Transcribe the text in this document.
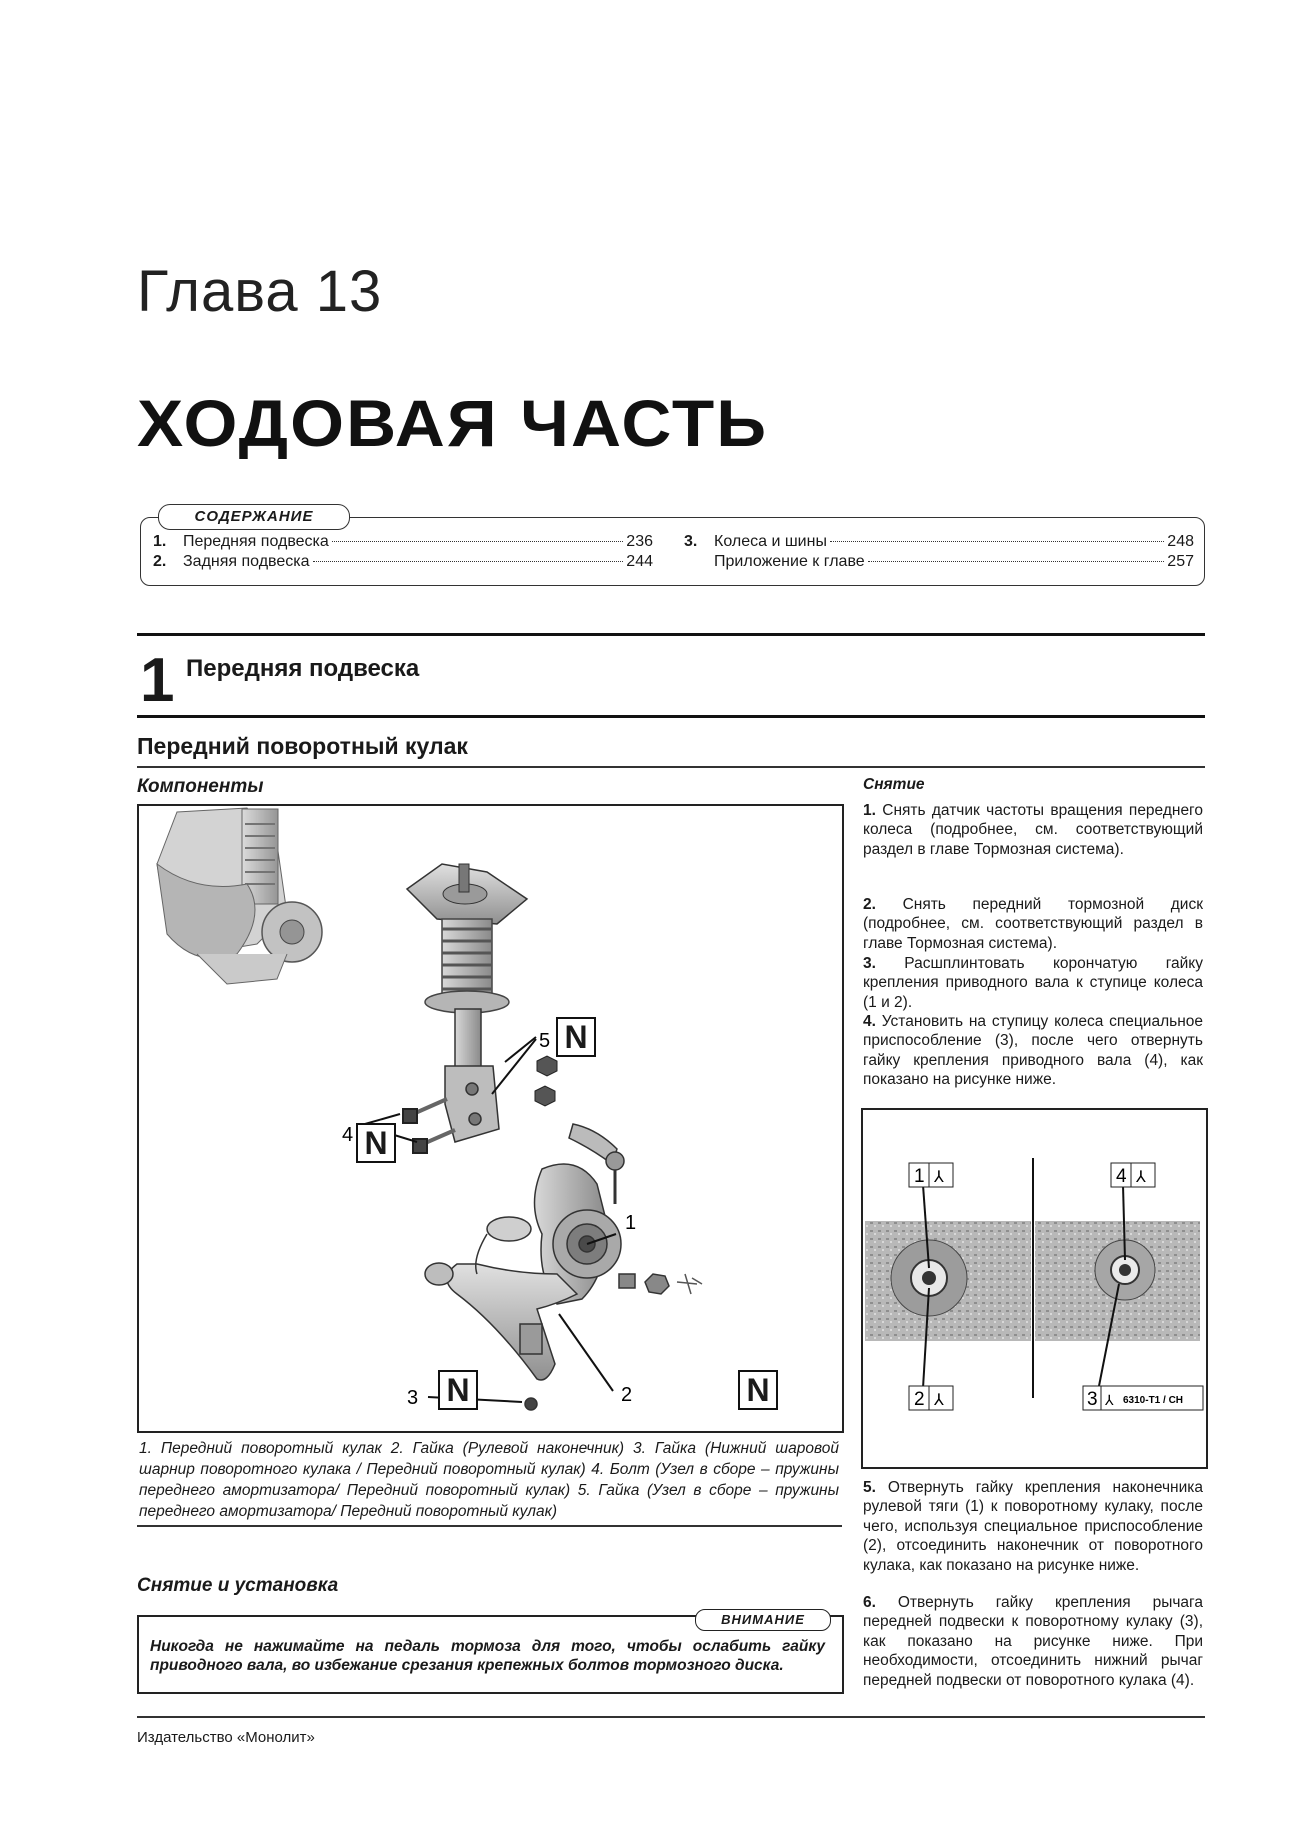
Глава 13
ХОДОВАЯ ЧАСТЬ
1.	Передняя подвеска	236
2.	Задняя подвеска	244
3.	Колеса и шины	248
Приложение к главе	257
СОДЕРЖАНИЕ
1 Передняя подвеска
Передний поворотный кулак
Компоненты
1
2
3
4
5 N
N
N	N
1. Передний поворотный кулак 2. Гайка (Рулевой наконечник) 3. Гайка (Нижний шаровой шарнир поворотного кулака / Передний поворотный кулак) 4. Болт (Узел в сборе – пружины переднего амортизатора/ Передний поворотный кулак) 5. Гайка (Узел в сборе – пружины переднего амортизатора/ Передний поворотный кулак)
Снятие и установка
ВНИМАНИЕ
Никогда не нажимайте на педаль тормоза для того, чтобы ослабить гайку приводного вала, во избежание срезания крепежных болтов тормозного диска.
Снятие
1. Снять датчик частоты вращения переднего колеса (подробнее, см. соответствующий раздел в главе Тормозная система).
2. Снять передний тормозной диск (подробнее, см. соответствующий раздел в главе Тормозная система).
3. Расшплинтовать корончатую гайку крепления приводного вала к ступице колеса (1 и 2).
4. Установить на ступицу колеса специальное приспособление (3), после чего отвернуть гайку крепления приводного вала (4), как показано на рисунке ниже.
1 ⅄	4 ⅄
2 ⅄	3 ⅄ 6310-T1 / CH
5. Отвернуть гайку крепления наконечника рулевой тяги (1) к поворотному кулаку, после чего, используя специальное приспособление (2), отсоединить наконечник от поворотного кулака, как показано на рисунке ниже.
6. Отвернуть гайку крепления рычага передней подвески к поворотному кулаку (3), как показано на рисунке ниже. При необходимости, отсоединить нижний рычаг передней подвески от поворотного кулака (4).
Издательство «Монолит»
